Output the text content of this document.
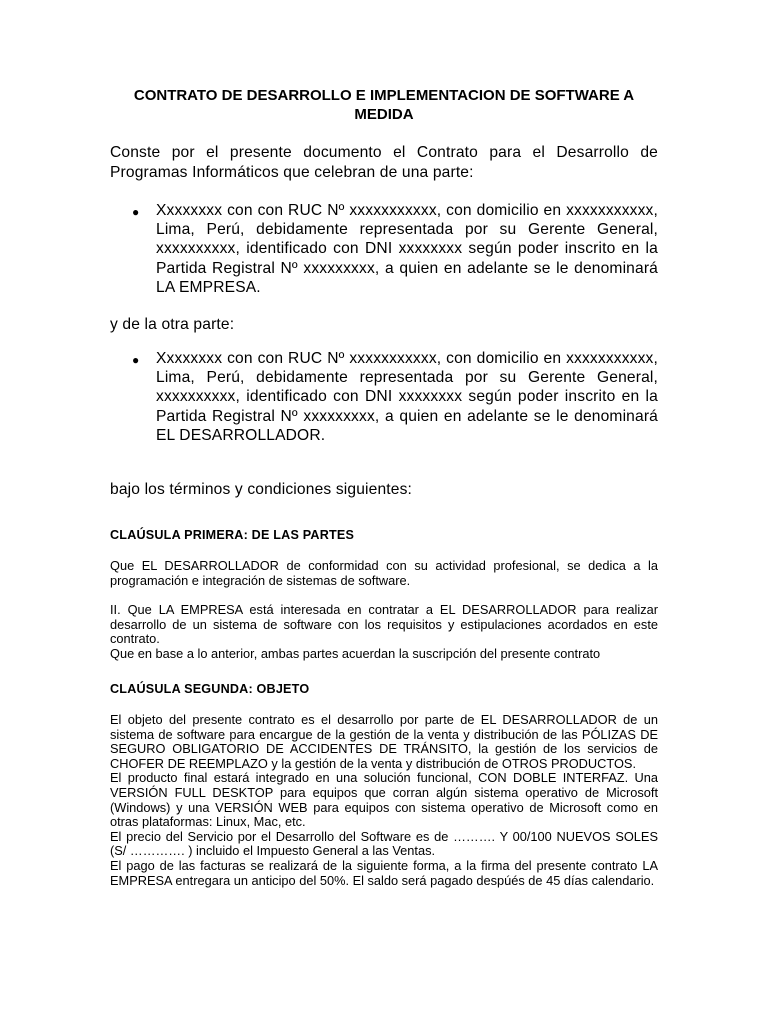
CONTRATO DE DESARROLLO E IMPLEMENTACION DE SOFTWARE A MEDIDA
Conste por el presente documento el Contrato para el Desarrollo de Programas Informáticos que celebran de una parte:
● Xxxxxxxx con con RUC Nº xxxxxxxxxxx, con domicilio en xxxxxxxxxxx, Lima, Perú, debidamente representada por su Gerente General, xxxxxxxxxx, identificado con DNI xxxxxxxx según poder inscrito en la Partida Registral Nº xxxxxxxxx, a quien en adelante se le denominará LA EMPRESA.
y de la otra parte:
● Xxxxxxxx con con RUC Nº xxxxxxxxxxx, con domicilio en xxxxxxxxxxx, Lima, Perú, debidamente representada por su Gerente General, xxxxxxxxxx, identificado con DNI xxxxxxxx según poder inscrito en la Partida Registral Nº xxxxxxxxx, a quien en adelante se le denominará EL DESARROLLADOR.
bajo los términos y condiciones siguientes:
CLAÚSULA PRIMERA: DE LAS PARTES

Que EL DESARROLLADOR de conformidad con su actividad profesional, se dedica a la programación e integración de sistemas de software.

II. Que LA EMPRESA está interesada en contratar a EL DESARROLLADOR para realizar desarrollo de un sistema de software con los requisitos y estipulaciones acordados en este contrato.

Que en base a lo anterior, ambas partes acuerdan la suscripción del presente contrato

CLAÚSULA SEGUNDA: OBJETO

El objeto del presente contrato es el desarrollo por parte de EL DESARROLLADOR de un sistema de software para encargue de la gestión de la venta y distribución de las PÓLIZAS DE SEGURO OBLIGATORIO DE ACCIDENTES DE TRÁNSITO, la gestión de los servicios de CHOFER DE REEMPLAZO y la gestión de la venta y distribución de OTROS PRODUCTOS.

El producto final estará integrado en una solución funcional, CON DOBLE INTERFAZ. Una VERSIÓN FULL DESKTOP para equipos que corran algún sistema operativo de Microsoft (Windows) y una VERSIÓN WEB para equipos con sistema operativo de Microsoft como en otras plataformas: Linux, Mac, etc.

El precio del Servicio por el Desarrollo del Software es de ………. Y 00/100 NUEVOS SOLES (S/ …………. ) incluido el Impuesto General a las Ventas.

El pago de las facturas se realizará de la siguiente forma, a la firma del presente contrato LA EMPRESA entregara un anticipo del 50%. El saldo será pagado despúés de 45 días calendario.
